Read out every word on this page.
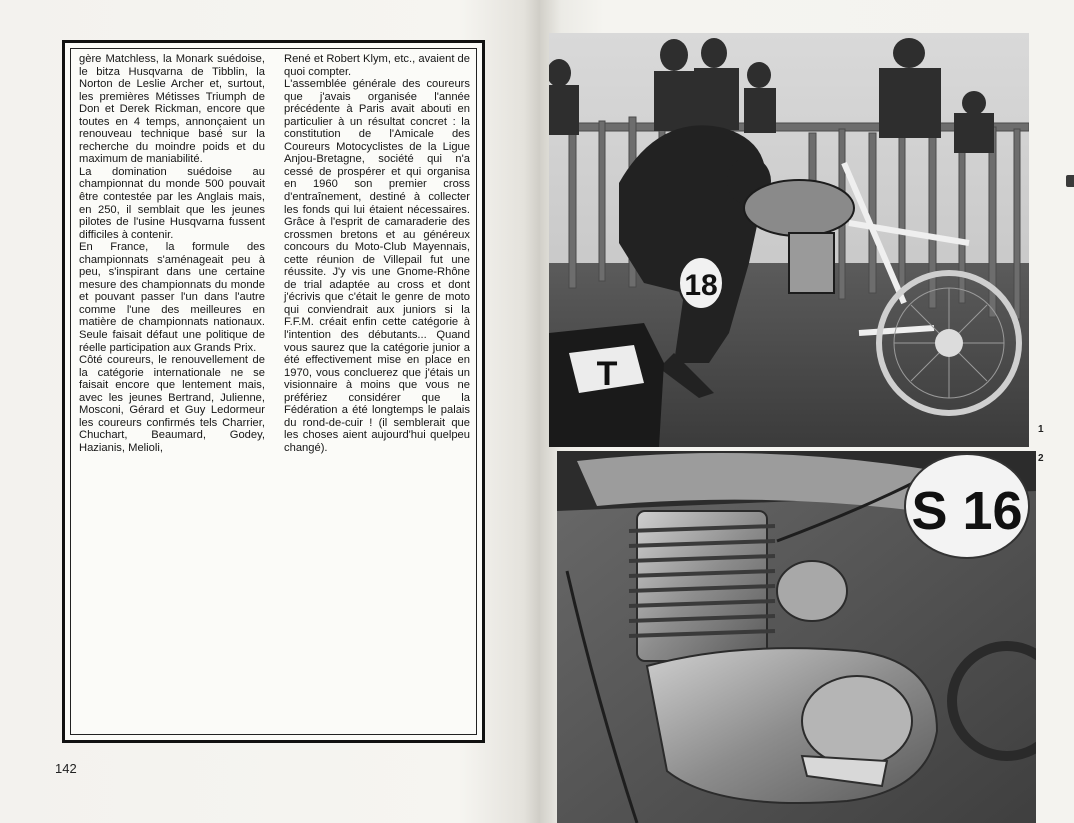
gère Matchless, la Monark suédoise, le bitza Husqvarna de Tibblin, la Norton de Leslie Archer et, surtout, les premières Métisses Triumph de Don et Derek Rickman, encore que toutes en 4 temps, annonçaient un renouveau technique basé sur la recherche du moindre poids et du maximum de maniabilité.

La domination suédoise au championnat du monde 500 pouvait être contestée par les Anglais mais, en 250, il semblait que les jeunes pilotes de l'usine Husqvarna fussent difficiles à contenir.

En France, la formule des championnats s'aménageait peu à peu, s'inspirant dans une certaine mesure des championnats du monde et pouvant passer l'un dans l'autre comme l'une des meilleures en matière de championnats nationaux. Seule faisait défaut une politique de réelle participation aux Grands Prix.

Côté coureurs, le renouvellement de la catégorie internationale ne se faisait encore que lentement mais, avec les jeunes Bertrand, Julienne, Mosconi, Gérard et Guy Ledormeur les coureurs confirmés tels Charrier, Chuchart, Beaumard, Godey, Hazianis, Melioli,

René et Robert Klym, etc., avaient de quoi compter.

L'assemblée générale des coureurs que j'avais organisée l'année précédente à Paris avait abouti en particulier à un résultat concret : la constitution de l'Amicale des Coureurs Motocyclistes de la Ligue Anjou-Bretagne, société qui n'a cessé de prospérer et qui organisa en 1960 son premier cross d'entraînement, destiné à collecter les fonds qui lui étaient nécessaires. Grâce à l'esprit de camaraderie des crossmen bretons et au généreux concours du Moto-Club Mayennais, cette réunion de Villepail fut une réussite. J'y vis une Gnome-Rhône de trial adaptée au cross et dont j'écrivis que c'était le genre de moto qui conviendrait aux juniors si la F.F.M. créait enfin cette catégorie à l'intention des débutants... Quand vous saurez que la catégorie junior a été effectivement mise en place en 1970, vous concluerez que j'étais un visionnaire à moins que vous ne préfériez considérer que la Fédération a été longtemps le palais du rond-de-cuir ! (il semblerait que les choses aient aujourd'hui quelpeu changé).

142
18
T
S 16
1
2
